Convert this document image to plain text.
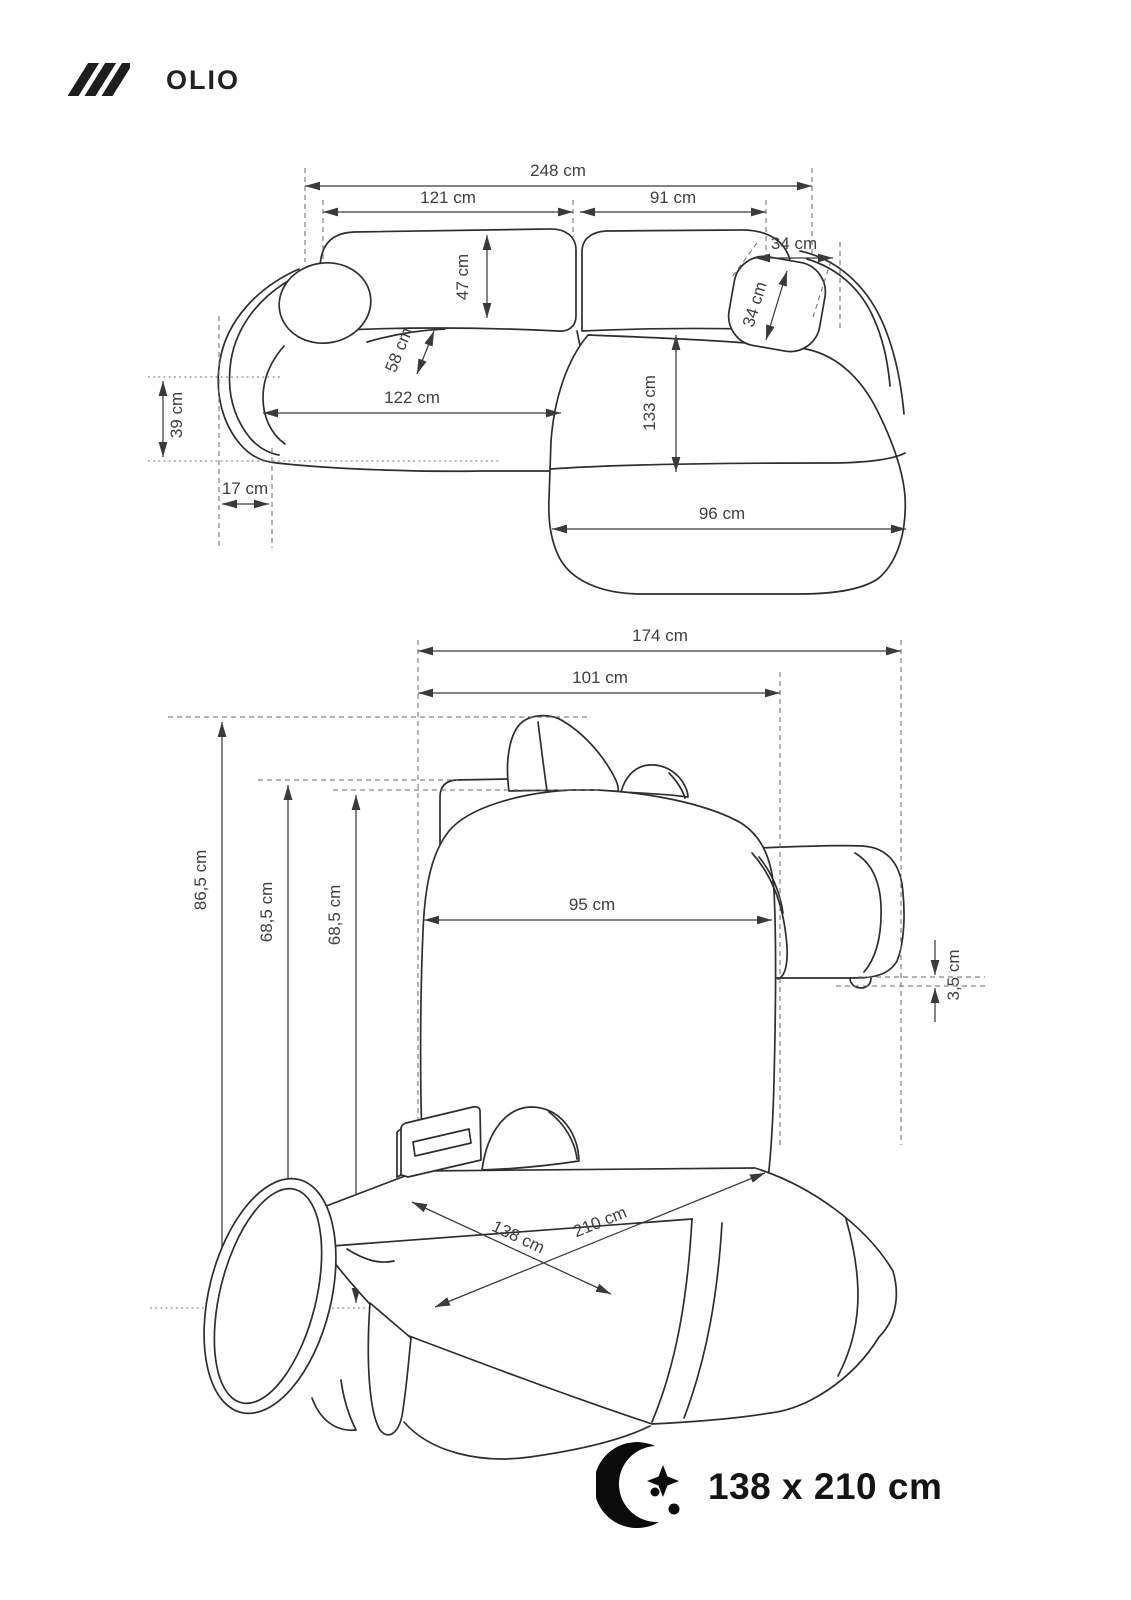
OLIO
248 cm
121 cm	91 cm
47 cm
34 cm
34 cm
58 cm
122 cm	133 cm
96 cm
39 cm
17 cm
174 cm
101 cm
86,5 cm
68,5 cm	68,5 cm	95 cm
3,5 cm
138 cm 210 cm
138 x 210 cm
